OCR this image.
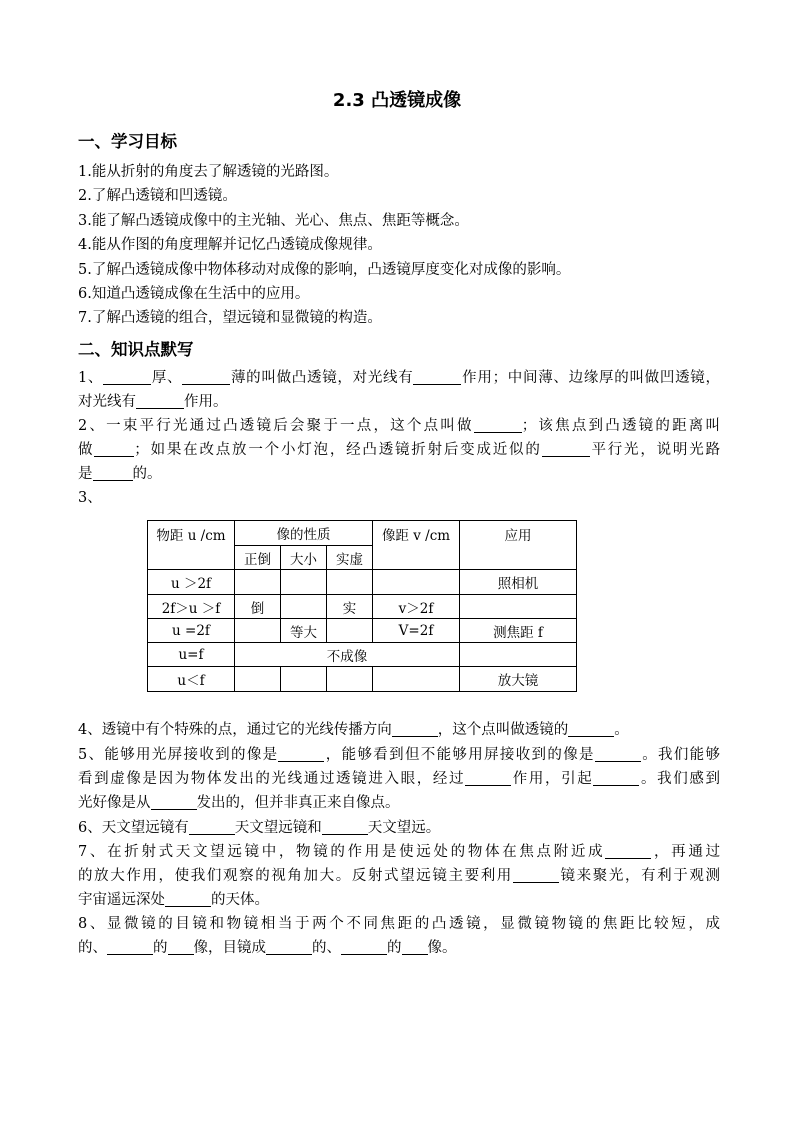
2.3 凸透镜成像
一、学习目标
1.能从折射的角度去了解透镜的光路图。
2.了解凸透镜和凹透镜。
3.能了解凸透镜成像中的主光轴、光心、焦点、焦距等概念。
4.能从作图的角度理解并记忆凸透镜成像规律。
5.了解凸透镜成像中物体移动对成像的影响，凸透镜厚度变化对成像的影响。
6.知道凸透镜成像在生活中的应用。
7.了解凸透镜的组合，望远镜和显微镜的构造。
二、知识点默写
1、	厚、	薄的叫做凸透镜，对光线有	作用；中间薄、边缘厚的叫做凹透镜，
对光线有	作用。
2、一束平行光通过凸透镜后会聚于一点，这个点叫做	；该焦点到凸透镜的距离叫
做	；如果在改点放一个小灯泡，经凸透镜折射后变成近似的	平行光，说明光路
是	的。
3、
物距 u /cm	像的性质			像距 v /cm	应用
	正倒	大小	实虚		
u ＞2f					照相机
2f＞u ＞f	倒		实	v＞2f	
u =2f		等大		V=2f	测焦距 f
u=f	不成像				
u＜f					放大镜
4、透镜中有个特殊的点，通过它的光线传播方向	，这个点叫做透镜的	。
5、能够用光屏接收到的像是	，能够看到但不能够用屏接收到的像是	。我们能够
看到虚像是因为物体发出的光线通过透镜进入眼，经过	作用，引起	。我们感到
光好像是从	发出的，但并非真正来自像点。
6、天文望远镜有	天文望远镜和	天文望远。
7、在折射式天文望远镜中，物镜的作用是使远处的物体在焦点附近成	，再通过
的放大作用，使我们观察的视角加大。反射式望远镜主要利用	镜来聚光，有利于观测
宇宙遥远深处	的天体。
8、显微镜的目镜和物镜相当于两个不同焦距的凸透镜，显微镜物镜的焦距比较短，成
的、	的 像，目镜成	的、	的 像。
